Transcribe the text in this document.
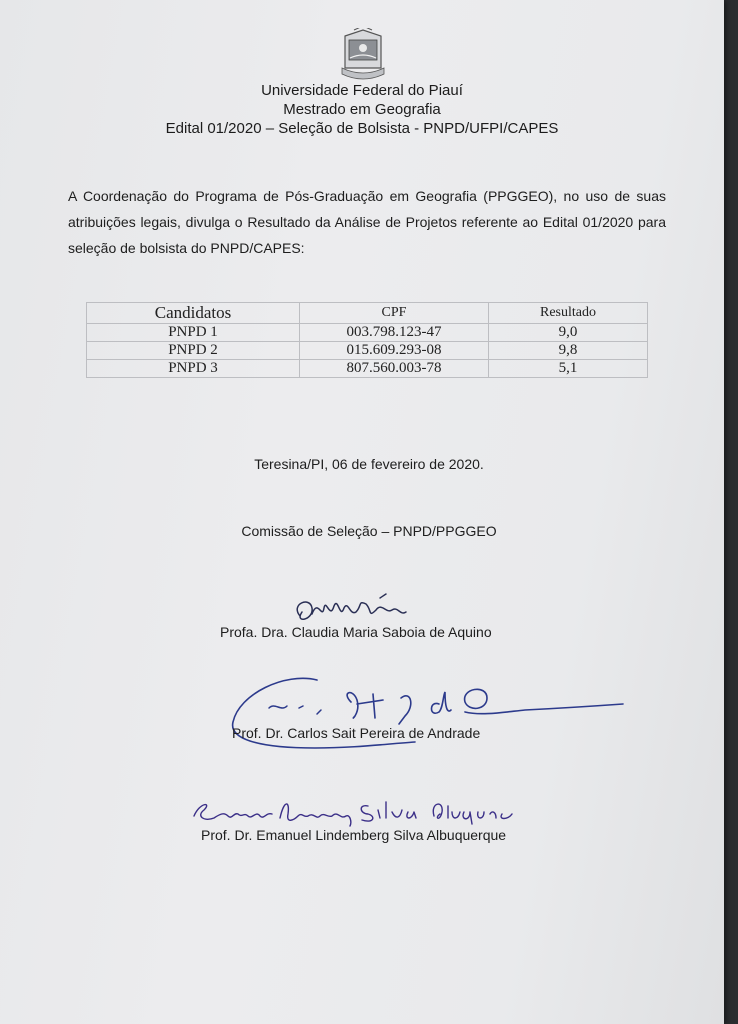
Universidade Federal do Piauí
Mestrado em Geografia
Edital 01/2020 – Seleção de Bolsista - PNPD/UFPI/CAPES
A Coordenação do Programa de Pós-Graduação em Geografia (PPGGEO), no uso de suas atribuições legais, divulga o Resultado da Análise de Projetos referente ao Edital 01/2020 para seleção de bolsista do PNPD/CAPES:
Candidatos	CPF	Resultado
PNPD 1	003.798.123-47	9,0
PNPD 2	015.609.293-08	9,8
PNPD 3	807.560.003-78	5,1
Teresina/PI, 06 de fevereiro de 2020.
Comissão de Seleção – PNPD/PPGGEO
Profa. Dra. Claudia Maria Saboia de Aquino
Prof. Dr. Carlos Sait Pereira de Andrade
Prof. Dr. Emanuel Lindemberg Silva Albuquerque
